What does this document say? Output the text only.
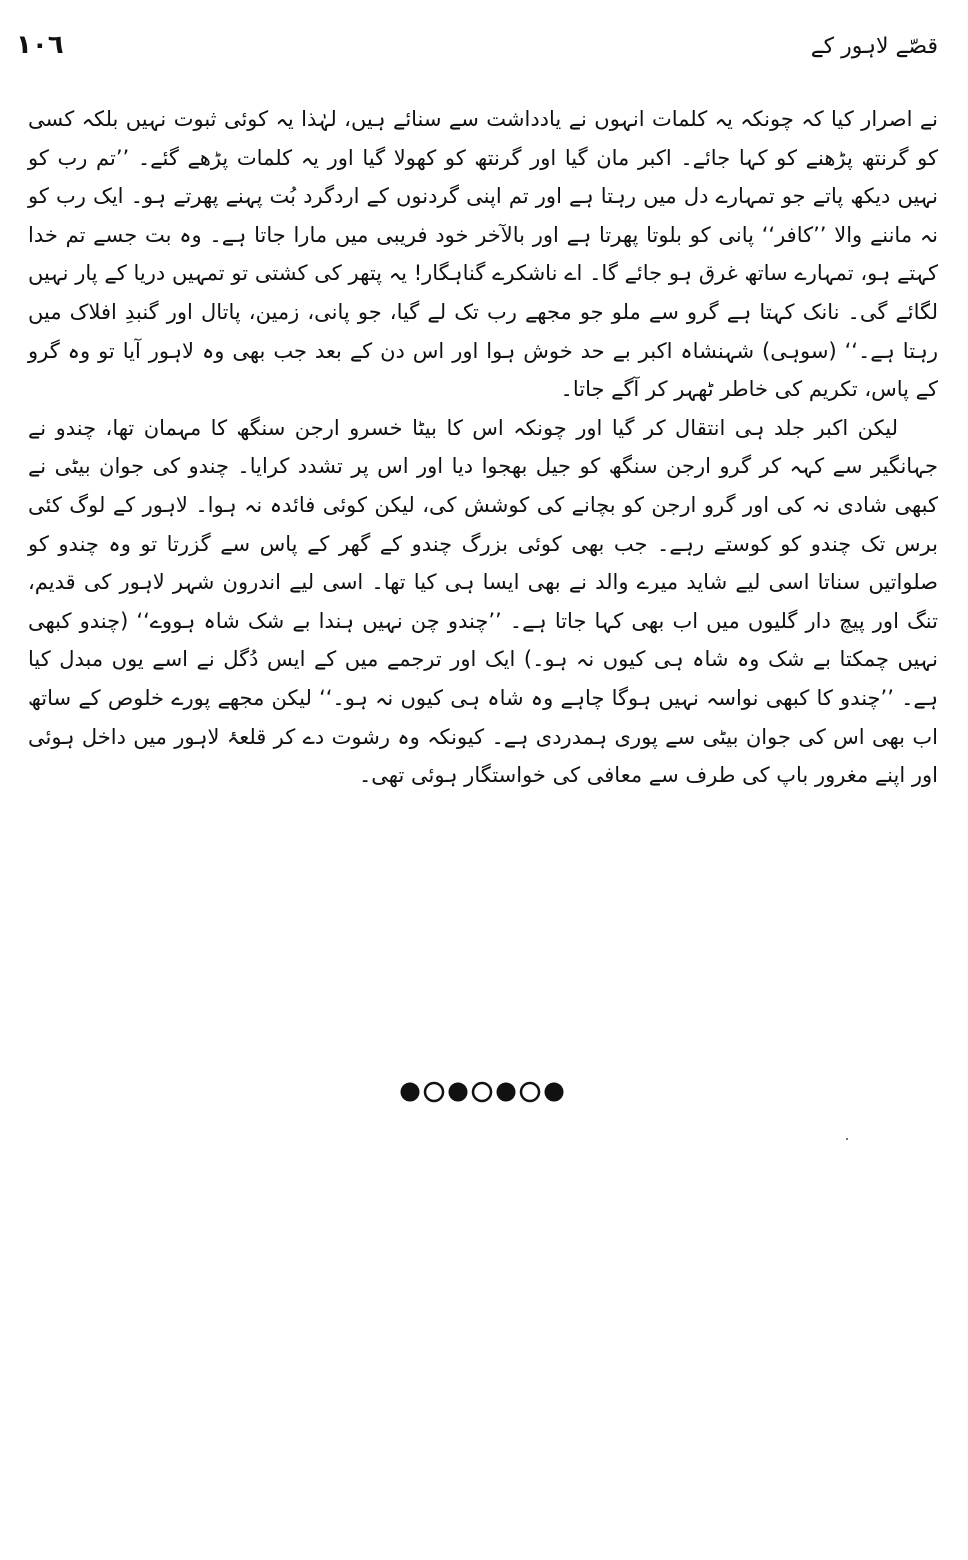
١٠٦	قصّے لاہور کے

نے اصرار کیا کہ چونکہ یہ کلمات انہوں نے یادداشت سے سنائے ہیں، لہٰذا یہ کوئی ثبوت نہیں بلکہ کسی کو گرنتھ پڑھنے کو کہا جائے۔ اکبر مان گیا اور گرنتھ کو کھولا گیا اور یہ کلمات پڑھے گئے۔ ’’تم رب کو نہیں دیکھ پاتے جو تمہارے دل میں رہتا ہے اور تم اپنی گردنوں کے اردگرد بُت پہنے پھرتے ہو۔ ایک رب کو نہ ماننے والا ’’کافر‘‘ پانی کو بلوتا پھرتا ہے اور بالآخر خود فریبی میں مارا جاتا ہے۔ وہ بت جسے تم خدا کہتے ہو، تمہارے ساتھ غرق ہو جائے گا۔ اے ناشکرے گناہگار! یہ پتھر کی کشتی تو تمہیں دریا کے پار نہیں لگائے گی۔ نانک کہتا ہے گرو سے ملو جو مجھے رب تک لے گیا، جو پانی، زمین، پاتال اور گنبدِ افلاک میں رہتا ہے۔‘‘ (سوہی) شہنشاہ اکبر بے حد خوش ہوا اور اس دن کے بعد جب بھی وہ لاہور آیا تو وہ گرو کے پاس، تکریم کی خاطر ٹھہر کر آگے جاتا۔

لیکن اکبر جلد ہی انتقال کر گیا اور چونکہ اس کا بیٹا خسرو ارجن سنگھ کا مہمان تھا، چندو نے جہانگیر سے کہہ کر گرو ارجن سنگھ کو جیل بھجوا دیا اور اس پر تشدد کرایا۔ چندو کی جوان بیٹی نے کبھی شادی نہ کی اور گرو ارجن کو بچانے کی کوشش کی، لیکن کوئی فائدہ نہ ہوا۔ لاہور کے لوگ کئی برس تک چندو کو کوستے رہے۔ جب بھی کوئی بزرگ چندو کے گھر کے پاس سے گزرتا تو وہ چندو کو صلواتیں سناتا اسی لیے شاید میرے والد نے بھی ایسا ہی کیا تھا۔ اسی لیے اندرون شہر لاہور کی قدیم، تنگ اور پیچ دار گلیوں میں اب بھی کہا جاتا ہے۔ ’’چندو چن نہیں ہندا بے شک شاہ ہووے‘‘ (چندو کبھی نہیں چمکتا بے شک وہ شاہ ہی کیوں نہ ہو۔) ایک اور ترجمے میں کے ایس دُگل نے اسے یوں مبدل کیا ہے۔ ’’چندو کا کبھی نواسہ نہیں ہوگا چاہے وہ شاہ ہی کیوں نہ ہو۔‘‘ لیکن مجھے پورے خلوص کے ساتھ اب بھی اس کی جوان بیٹی سے پوری ہمدردی ہے۔ کیونکہ وہ رشوت دے کر قلعۂ لاہور میں داخل ہوئی اور اپنے مغرور باپ کی طرف سے معافی کی خواستگار ہوئی تھی۔
